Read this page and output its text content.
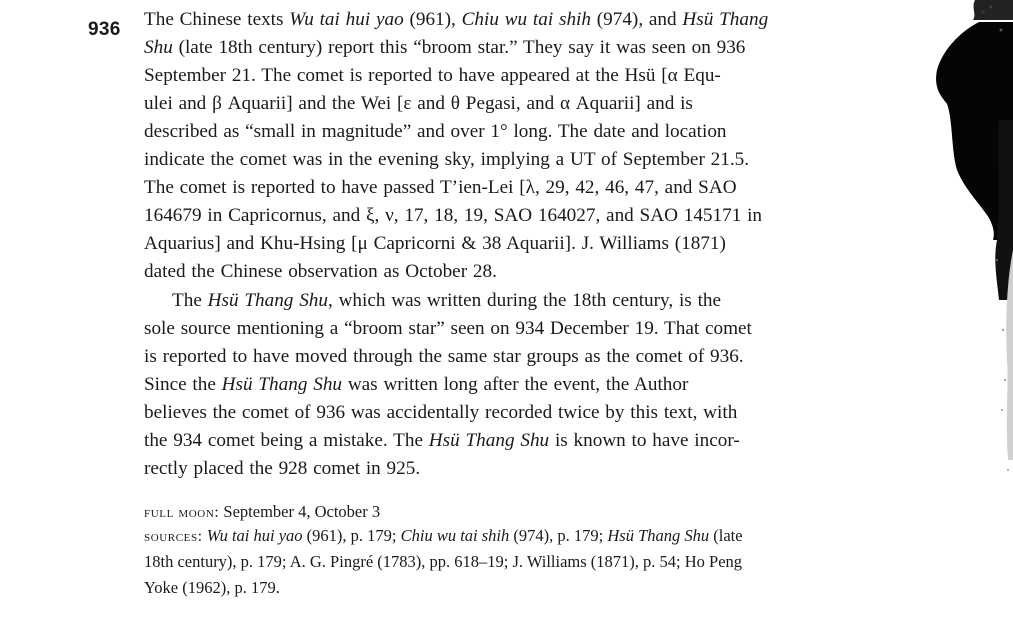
936 The Chinese texts Wu tai hui yao (961), Chiu wu tai shih (974), and Hsü Thang
Shu (late 18th century) report this “broom star.” They say it was seen on 936
September 21. The comet is reported to have appeared at the Hsü [α Equ-
ulei and β Aquarii] and the Wei [ε and θ Pegasi, and α Aquarii] and is
described as “small in magnitude” and over 1° long. The date and location
indicate the comet was in the evening sky, implying a UT of September 21.5.
The comet is reported to have passed T’ien-Lei [λ, 29, 42, 46, 47, and SAO
164679 in Capricornus, and ξ, ν, 17, 18, 19, SAO 164027, and SAO 145171 in
Aquarius] and Khu-Hsing [μ Capricorni & 38 Aquarii]. J. Williams (1871)
dated the Chinese observation as October 28.
The Hsü Thang Shu, which was written during the 18th century, is the
sole source mentioning a “broom star” seen on 934 December 19. That comet
is reported to have moved through the same star groups as the comet of 936.
Since the Hsü Thang Shu was written long after the event, the Author
believes the comet of 936 was accidentally recorded twice by this text, with
the 934 comet being a mistake. The Hsü Thang Shu is known to have incor-
rectly placed the 928 comet in 925.
full moon: September 4, October 3
sources: Wu tai hui yao (961), p. 179; Chiu wu tai shih (974), p. 179; Hsü Thang Shu (late
18th century), p. 179; A. G. Pingré (1783), pp. 618–19; J. Williams (1871), p. 54; Ho Peng
Yoke (1962), p. 179.
